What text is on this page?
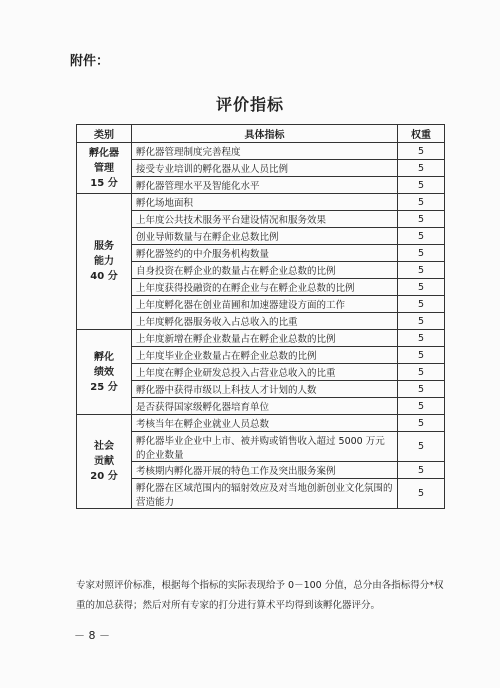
附件：
评价指标
类别	具体指标	权重

孵化器
管理
15 分	孵化器管理制度完善程度	5
	接受专业培训的孵化器从业人员比例	5
	孵化器管理水平及智能化水平	5

服务
能力
40 分	孵化场地面积	5
	上年度公共技术服务平台建设情况和服务效果	5
	创业导师数量与在孵企业总数比例	5
	孵化器签约的中介服务机构数量	5
	自身投资在孵企业的数量占在孵企业总数的比例	5
	上年度获得投融资的在孵企业与在孵企业总数的比例	5
	上年度孵化器在创业苗圃和加速器建设方面的工作	5
	上年度孵化器服务收入占总收入的比重	5

孵化
绩效
25 分	上年度新增在孵企业数量占在孵企业总数的比例	5
	上年度毕业企业数量占在孵企业总数的比例	5
	上年度在孵企业研发总投入占营业总收入的比重	5
	孵化器中获得市级以上科技人才计划的人数	5
	是否获得国家级孵化器培育单位	5

社会
贡献
20 分	考核当年在孵企业就业人员总数	5
	孵化器毕业企业中上市、被并购或销售收入超过 5000 万元的企业数量	5
	考核期内孵化器开展的特色工作及突出服务案例	5
	孵化器在区域范围内的辐射效应及对当地创新创业文化氛围的营造能力	5
专家对照评价标准，根据每个指标的实际表现给予 0－100 分值，总分由各指标得分*权重的加总获得；然后对所有专家的打分进行算术平均得到该孵化器评分。
－ 8 －
